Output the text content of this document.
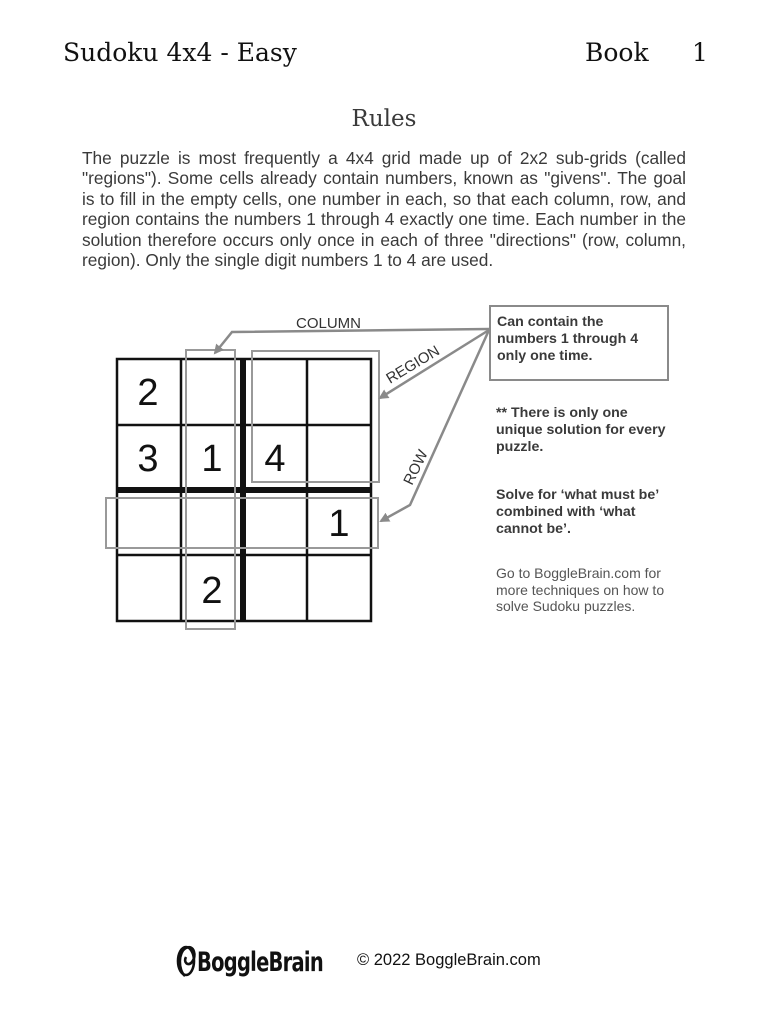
Sudoku 4x4 - Easy	Book 1
Rules

The puzzle is most frequently a 4x4 grid made up of 2x2 sub-grids (called "regions"). Some cells already contain numbers, known as "givens". The goal is to fill in the empty cells, one number in each, so that each column, row, and region contains the numbers 1 through 4 exactly one time. Each number in the solution therefore occurs only once in each of three "directions" (row, column, region). Only the single digit numbers 1 to 4 are used.

2
3 1 4
1
2
COLUMN
REGION
ROW
Can contain the numbers 1 through 4 only one time.
** There is only one unique solution for every puzzle.
Solve for ‘what must be’ combined with ‘what cannot be’.
Go to BoggleBrain.com for more techniques on how to solve Sudoku puzzles.
BoggleBrain © 2022 BoggleBrain.com
